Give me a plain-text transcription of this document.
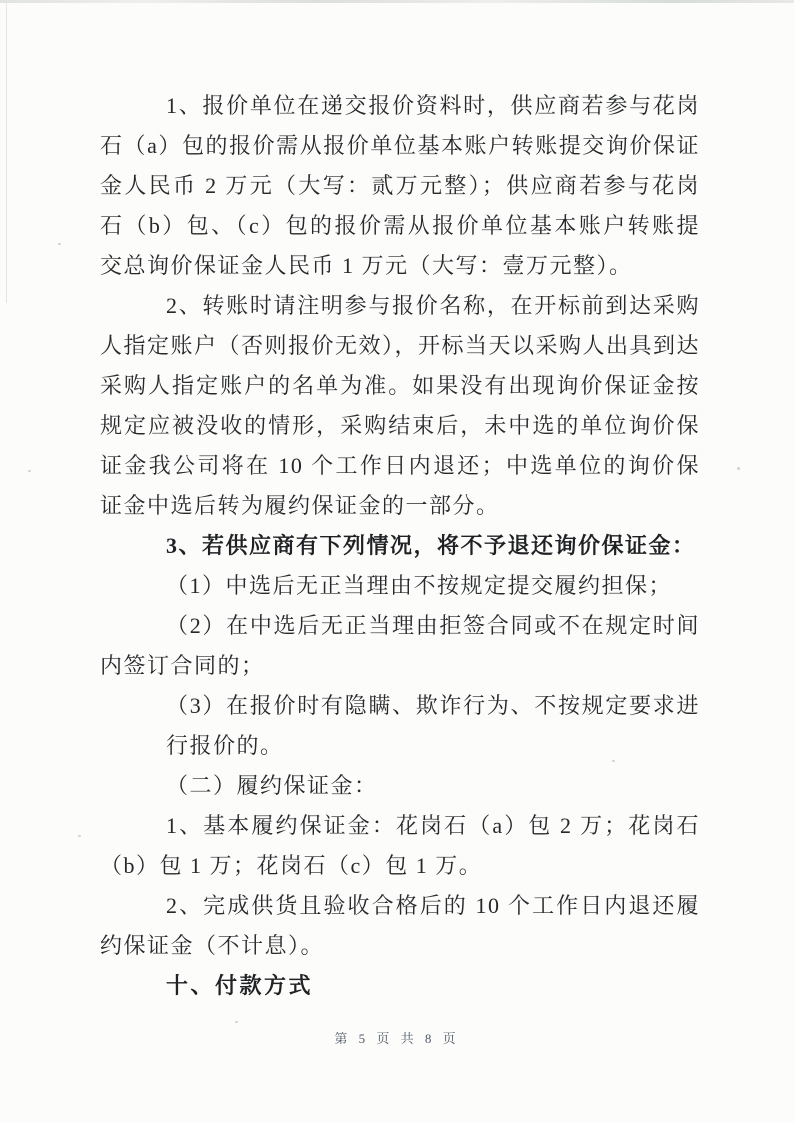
1、报价单位在递交报价资料时，供应商若参与花岗石（a）包的报价需从报价单位基本账户转账提交询价保证金人民币 2 万元（大写：贰万元整）；供应商若参与花岗石（b）包、（c）包的报价需从报价单位基本账户转账提交总询价保证金人民币 1 万元（大写：壹万元整）。

2、转账时请注明参与报价名称，在开标前到达采购人指定账户（否则报价无效），开标当天以采购人出具到达采购人指定账户的名单为准。如果没有出现询价保证金按规定应被没收的情形，采购结束后，未中选的单位询价保证金我公司将在 10 个工作日内退还；中选单位的询价保证金中选后转为履约保证金的一部分。

3、若供应商有下列情况，将不予退还询价保证金：

（1）中选后无正当理由不按规定提交履约担保；

（2）在中选后无正当理由拒签合同或不在规定时间内签订合同的；

（3）在报价时有隐瞒、欺诈行为、不按规定要求进行报价的。

（二）履约保证金：

1、基本履约保证金：花岗石（a）包 2 万；花岗石（b）包 1 万；花岗石（c）包 1 万。

2、完成供货且验收合格后的 10 个工作日内退还履约保证金（不计息）。

十、付款方式

第 5 页 共 8 页
